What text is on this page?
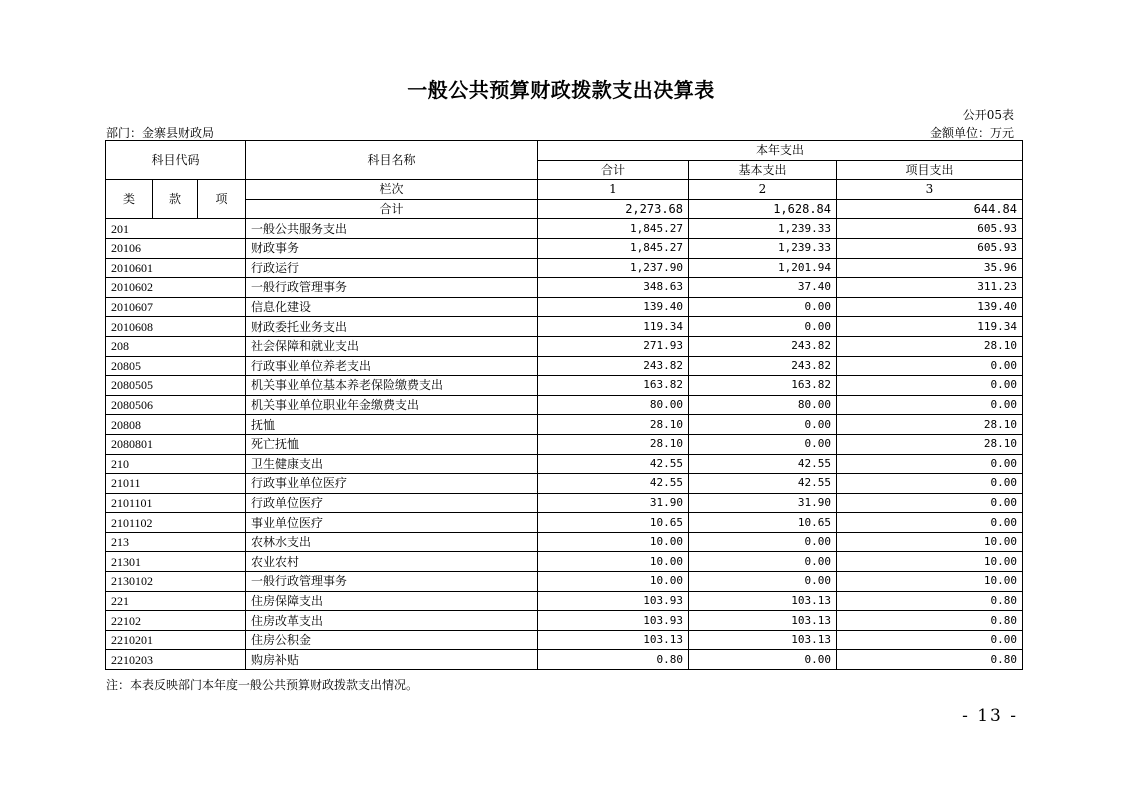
一般公共预算财政拨款支出决算表
公开05表
部门：金寨县财政局	金额单位：万元
科目代码			科目名称	本年支出		
				合计	基本支出	项目支出
类	款	项	栏次	1	2	3
			合计	2,273.68	1,628.84	644.84
201			一般公共服务支出	1,845.27	1,239.33	605.93
20106			财政事务	1,845.27	1,239.33	605.93
2010601			行政运行	1,237.90	1,201.94	35.96
2010602			一般行政管理事务	348.63	37.40	311.23
2010607			信息化建设	139.40	0.00	139.40
2010608			财政委托业务支出	119.34	0.00	119.34
208			社会保障和就业支出	271.93	243.82	28.10
20805			行政事业单位养老支出	243.82	243.82	0.00
2080505			机关事业单位基本养老保险缴费支出	163.82	163.82	0.00
2080506			机关事业单位职业年金缴费支出	80.00	80.00	0.00
20808			抚恤	28.10	0.00	28.10
2080801			死亡抚恤	28.10	0.00	28.10
210			卫生健康支出	42.55	42.55	0.00
21011			行政事业单位医疗	42.55	42.55	0.00
2101101			行政单位医疗	31.90	31.90	0.00
2101102			事业单位医疗	10.65	10.65	0.00
213			农林水支出	10.00	0.00	10.00
21301			农业农村	10.00	0.00	10.00
2130102			一般行政管理事务	10.00	0.00	10.00
221			住房保障支出	103.93	103.13	0.80
22102			住房改革支出	103.93	103.13	0.80
2210201			住房公积金	103.13	103.13	0.00
2210203			购房补贴	0.80	0.00	0.80
注：本表反映部门本年度一般公共预算财政拨款支出情况。
- 13 -
